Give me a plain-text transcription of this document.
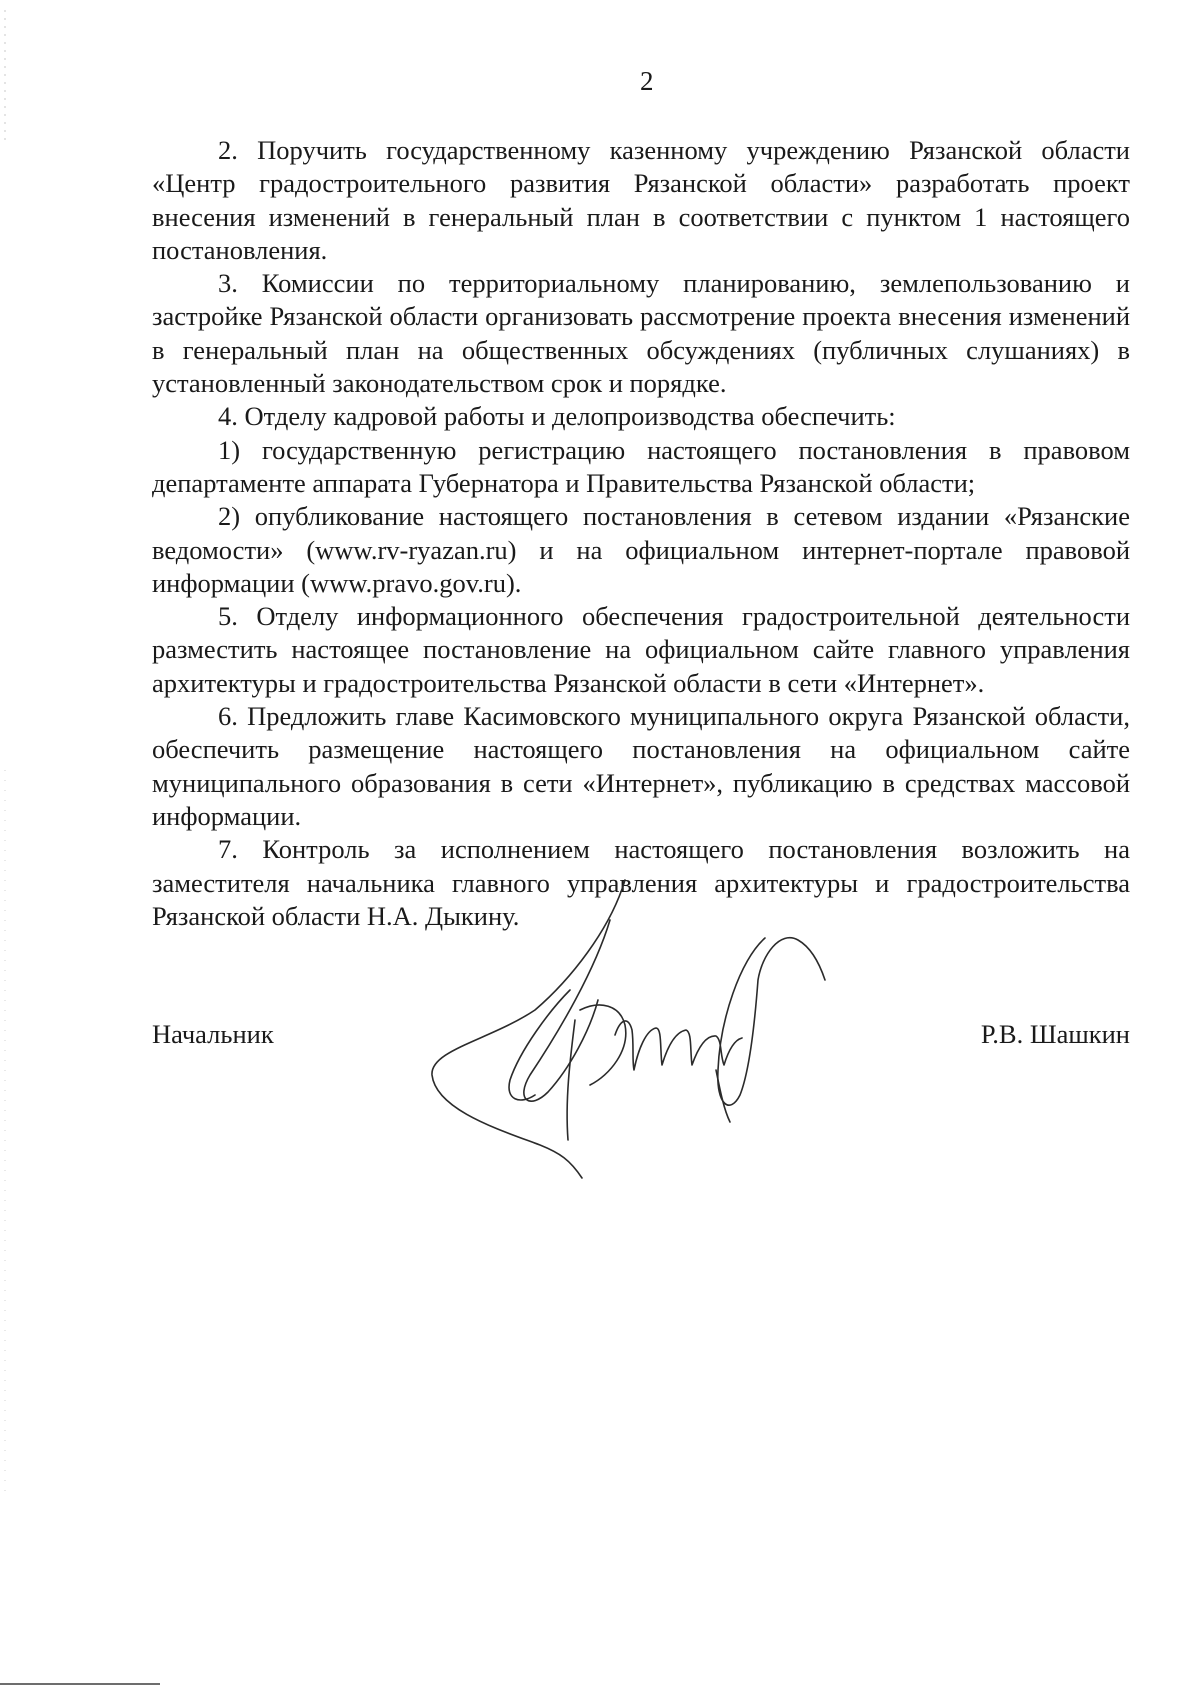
2

2. Поручить государственному казенному учреждению Рязанской области «Центр градостроительного развития Рязанской области» разработать проект внесения изменений в генеральный план в соответствии с пунктом 1 настоящего постановления.

3. Комиссии по территориальному планированию, землепользованию и застройке Рязанской области организовать рассмотрение проекта внесения изменений в генеральный план на общественных обсуждениях (публичных слушаниях) в установленный законодательством срок и порядке.

4. Отделу кадровой работы и делопроизводства обеспечить:

1) государственную регистрацию настоящего постановления в правовом департаменте аппарата Губернатора и Правительства Рязанской области;

2) опубликование настоящего постановления в сетевом издании «Рязанские ведомости» (www.rv-ryazan.ru) и на официальном интернет-портале правовой информации (www.pravo.gov.ru).

5. Отделу информационного обеспечения градостроительной деятельности разместить настоящее постановление на официальном сайте главного управления архитектуры и градостроительства Рязанской области в сети «Интернет».

6. Предложить главе Касимовского муниципального округа Рязанской области, обеспечить размещение настоящего постановления на официальном сайте муниципального образования в сети «Интернет», публикацию в средствах массовой информации.

7. Контроль за исполнением настоящего постановления возложить на заместителя начальника главного управления архитектуры и градостроительства Рязанской области Н.А. Дыкину.

Начальник	Р.В. Шашкин
